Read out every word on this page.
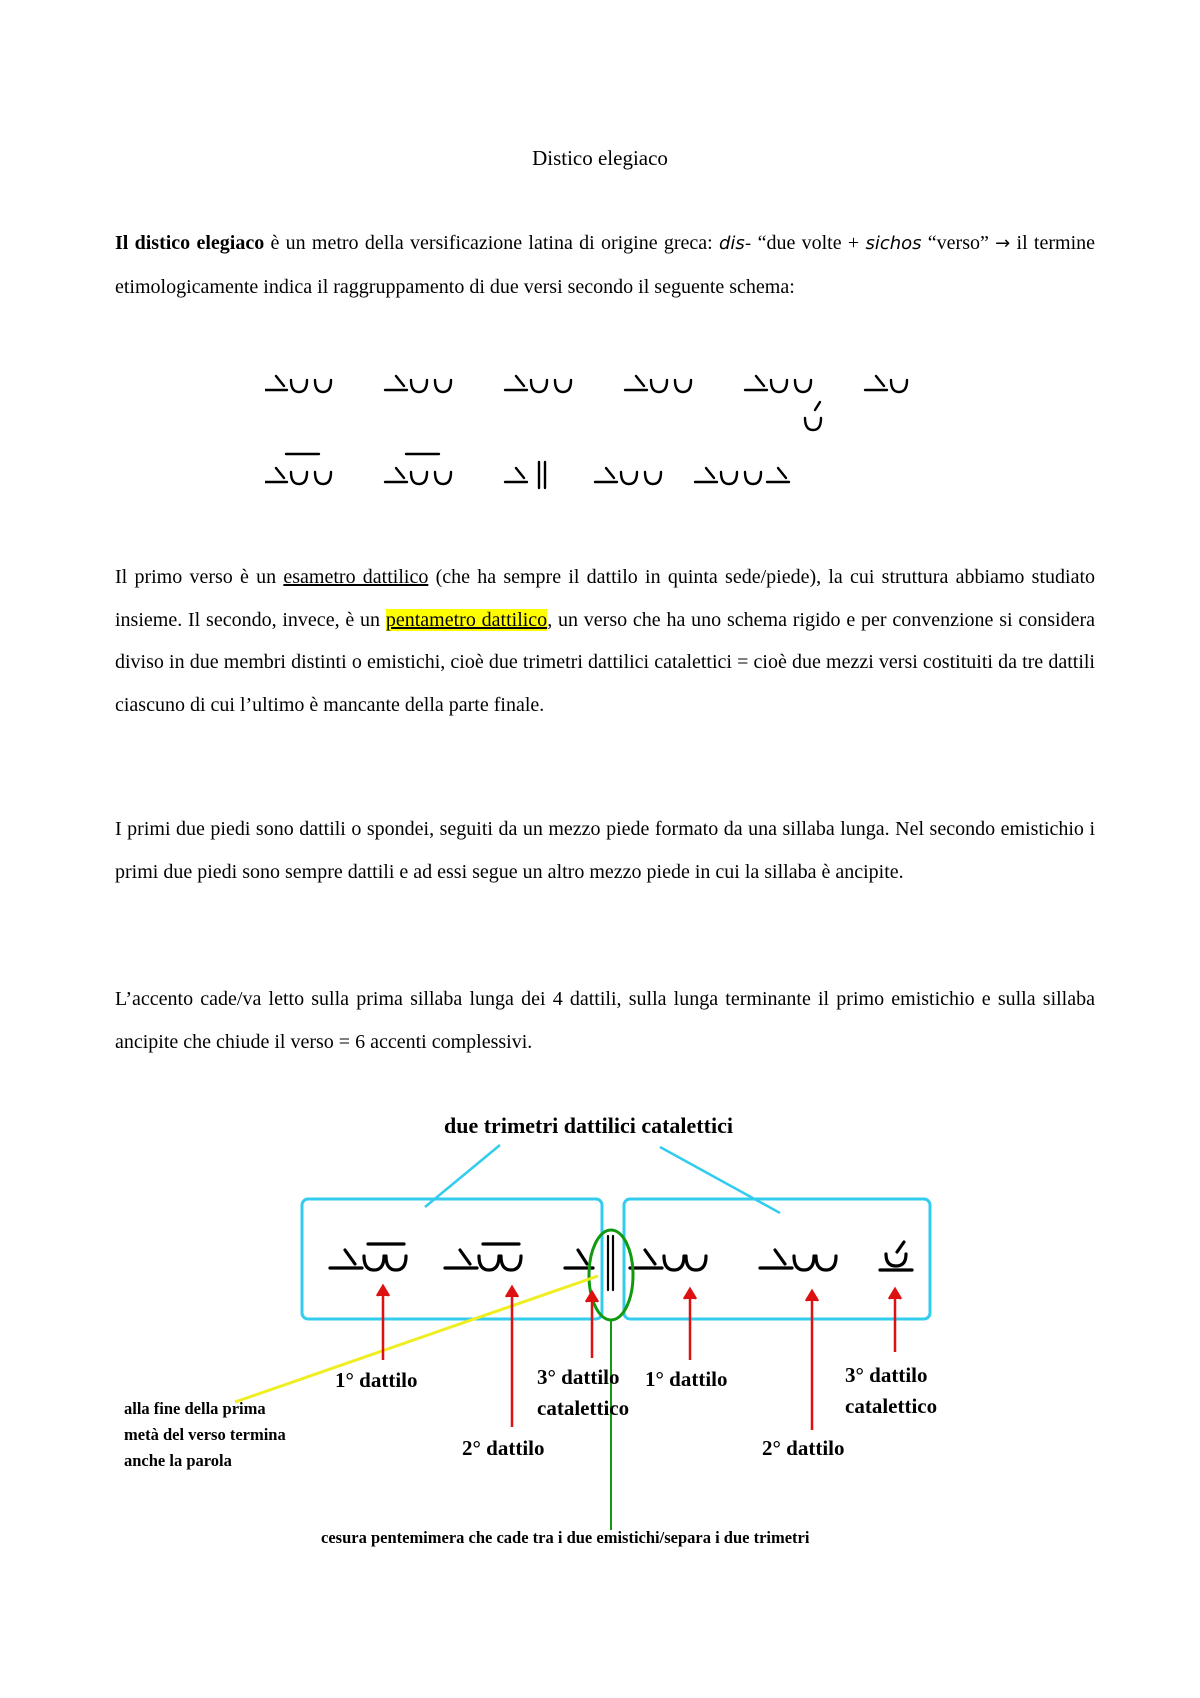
Distico elegiaco

Il distico elegiaco è un metro della versificazione latina di origine greca: dis- “due volte + sichos “verso” → il termine etimologicamente indica il raggruppamento di due versi secondo il seguente schema:

Il primo verso è un esametro dattilico (che ha sempre il dattilo in quinta sede/piede), la cui struttura abbiamo studiato insieme. Il secondo, invece, è un pentametro dattilico, un verso che ha uno schema rigido e per convenzione si considera diviso in due membri distinti o emistichi, cioè due trimetri dattilici catalettici = cioè due mezzi versi costituiti da tre dattili ciascuno di cui l’ultimo è mancante della parte finale.

I primi due piedi sono dattili o spondei, seguiti da un mezzo piede formato da una sillaba lunga. Nel secondo emistichio i primi due piedi sono sempre dattili e ad essi segue un altro mezzo piede in cui la sillaba è ancipite.

L’accento cade/va letto sulla prima sillaba lunga dei 4 dattili, sulla lunga terminante il primo emistichio e sulla sillaba ancipite che chiude il verso = 6 accenti complessivi.

due trimetri dattilici catalettici
1° dattilo
2° dattilo
3° dattilo
catalettico
1° dattilo
2° dattilo
3° dattilo
catalettico
alla fine della prima
metà del verso termina
anche la parola
cesura pentemimera che cade tra i due emistichi/separa i due trimetri
